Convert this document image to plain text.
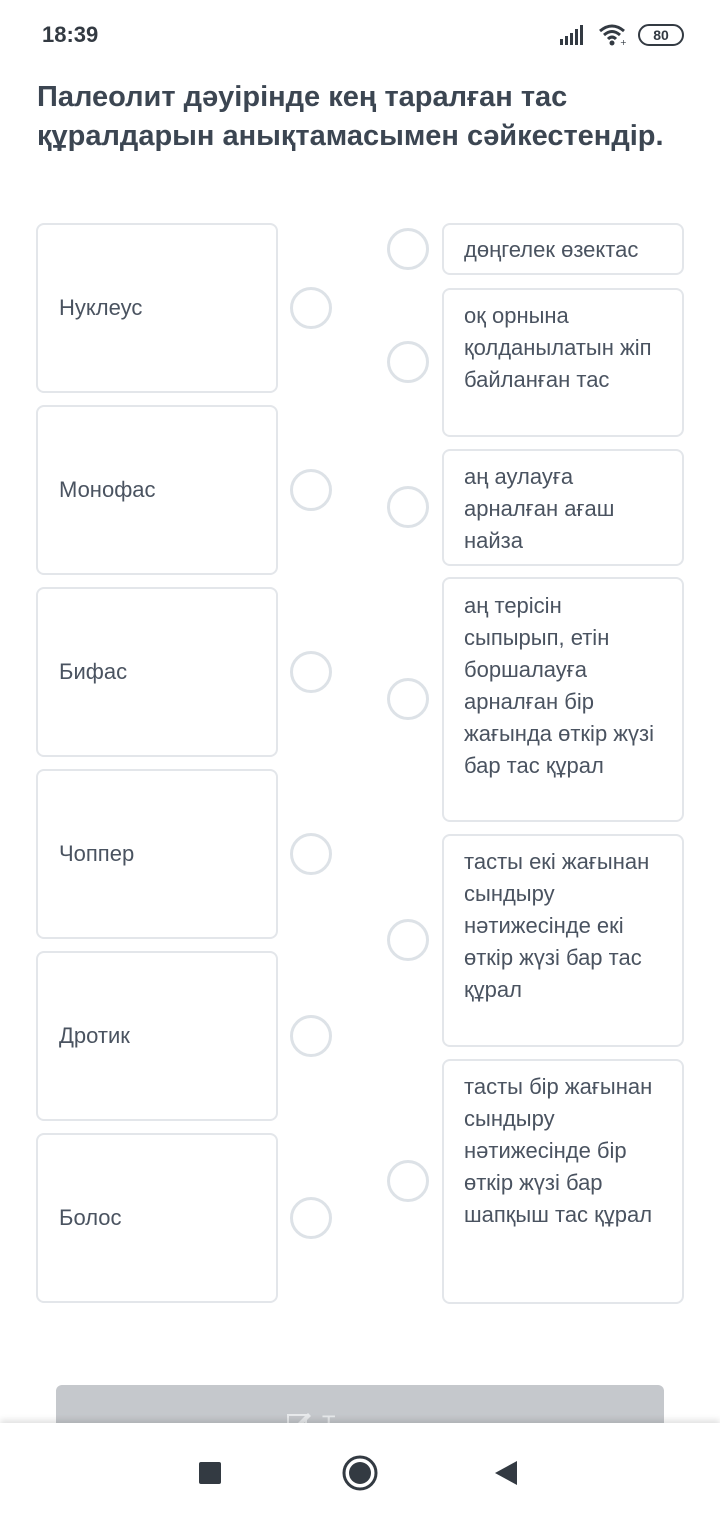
18:39	+	80
Палеолит дәуірінде кең таралған тас құралдарын анықтамасымен сәйкестендір.
Нуклеус
Монофас
Бифас
Чоппер
Дротик
Болос
дөңгелек өзектас
оқ орнына қолданылатын жіп байланған тас
аң аулауға арналған ағаш найза
аң терісін сыпырып, етін боршалауға арналған бір жағында өткір жүзі бар тас құрал
тасты екі жағынан сындыру нәтижесінде екі өткір жүзі бар тас құрал
тасты бір жағынан сындыру нәтижесінде бір өткір жүзі бар шапқыш тас құрал
